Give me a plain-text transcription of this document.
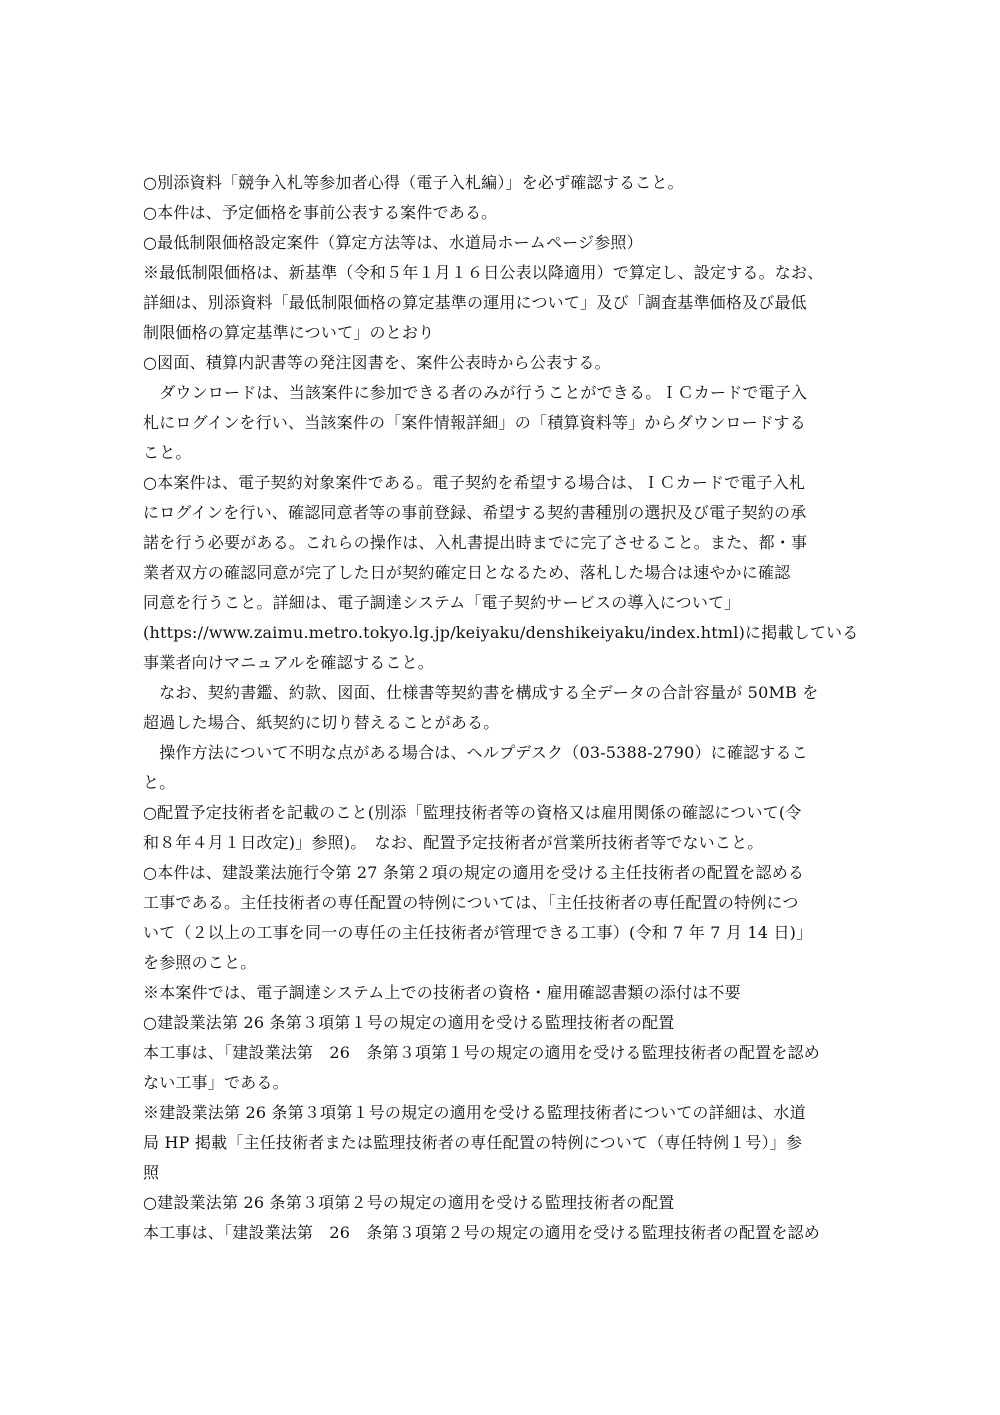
○別添資料「競争入札等参加者心得（電子入札編）」を必ず確認すること。
○本件は、予定価格を事前公表する案件である。
○最低制限価格設定案件（算定方法等は、水道局ホームページ参照）
※最低制限価格は、新基準（令和５年１月１６日公表以降適用）で算定し、設定する。なお、
詳細は、別添資料「最低制限価格の算定基準の運用について」及び「調査基準価格及び最低
制限価格の算定基準について」のとおり
○図面、積算内訳書等の発注図書を、案件公表時から公表する。
　ダウンロードは、当該案件に参加できる者のみが行うことができる。ＩＣカードで電子入
札にログインを行い、当該案件の「案件情報詳細」の「積算資料等」からダウンロードする
こと。
○本案件は、電子契約対象案件である。電子契約を希望する場合は、ＩＣカードで電子入札
にログインを行い、確認同意者等の事前登録、希望する契約書種別の選択及び電子契約の承
諾を行う必要がある。これらの操作は、入札書提出時までに完了させること。また、都・事
業者双方の確認同意が完了した日が契約確定日となるため、落札した場合は速やかに確認
同意を行うこと。詳細は、電子調達システム「電子契約サービスの導入について」
(https://www.zaimu.metro.tokyo.lg.jp/keiyaku/denshikeiyaku/index.html)に掲載している
事業者向けマニュアルを確認すること。
　なお、契約書鑑、約款、図面、仕様書等契約書を構成する全データの合計容量が 50MB を
超過した場合、紙契約に切り替えることがある。
　操作方法について不明な点がある場合は、ヘルプデスク（03-5388-2790）に確認するこ
と。
○配置予定技術者を記載のこと(別添「監理技術者等の資格又は雇用関係の確認について(令
和８年４月１日改定)」参照)。　なお、配置予定技術者が営業所技術者等でないこと。
○本件は、建設業法施行令第 27 条第２項の規定の適用を受ける主任技術者の配置を認める
工事である。主任技術者の専任配置の特例については、「主任技術者の専任配置の特例につ
いて（２以上の工事を同一の専任の主任技術者が管理できる工事）(令和 7 年 7 月 14 日)」
を参照のこと。
※本案件では、電子調達システム上での技術者の資格・雇用確認書類の添付は不要
○建設業法第 26 条第３項第１号の規定の適用を受ける監理技術者の配置
本工事は、「建設業法第　26　条第３項第１号の規定の適用を受ける監理技術者の配置を認め
ない工事」である。
※建設業法第 26 条第３項第１号の規定の適用を受ける監理技術者についての詳細は、水道
局 HP 掲載「主任技術者または監理技術者の専任配置の特例について（専任特例１号）」参
照
○建設業法第 26 条第３項第２号の規定の適用を受ける監理技術者の配置
本工事は、「建設業法第　26　条第３項第２号の規定の適用を受ける監理技術者の配置を認め
